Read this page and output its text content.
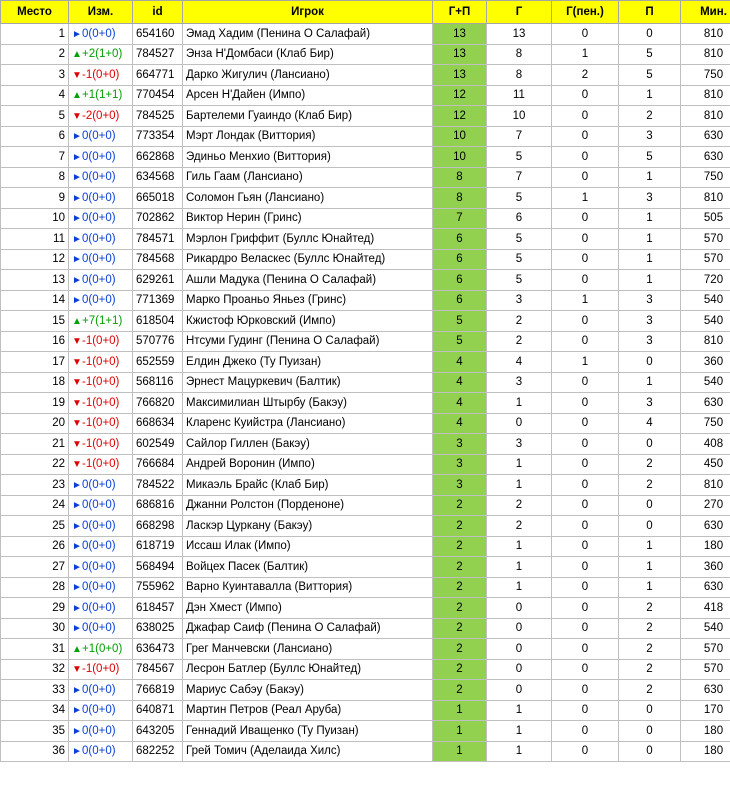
Место	Изм.	id	Игрок	Г+П	Г	Г(пен.)	П	Мин.
1	►0(0+0)	654160	Эмад Хадим (Пенина О Салафай)	13	13	0	0	810
2	▲+2(1+0)	784527	Энза Н'Домбаси (Клаб Бир)	13	8	1	5	810
3	▼-1(0+0)	664771	Дарко Жигулич (Лансиано)	13	8	2	5	750
4	▲+1(1+1)	770454	Арсен Н'Дайен (Импо)	12	11	0	1	810
5	▼-2(0+0)	784525	Бартелеми Гуаиндо (Клаб Бир)	12	10	0	2	810
6	►0(0+0)	773354	Мэрт Лондак (Виттория)	10	7	0	3	630
7	►0(0+0)	662868	Эдиньо Менхио (Виттория)	10	5	0	5	630
8	►0(0+0)	634568	Гиль Гаам (Лансиано)	8	7	0	1	750
9	►0(0+0)	665018	Соломон Гьян (Лансиано)	8	5	1	3	810
10	►0(0+0)	702862	Виктор Нерин (Гринс)	7	6	0	1	505
11	►0(0+0)	784571	Мэрлон Гриффит (Буллс Юнайтед)	6	5	0	1	570
12	►0(0+0)	784568	Рикардро Веласкес (Буллс Юнайтед)	6	5	0	1	570
13	►0(0+0)	629261	Ашли Мадука (Пенина О Салафай)	6	5	0	1	720
14	►0(0+0)	771369	Марко Проаньо Яньез (Гринс)	6	3	1	3	540
15	▲+7(1+1)	618504	Кжистоф Юрковский (Импо)	5	2	0	3	540
16	▼-1(0+0)	570776	Нтсуми Гудинг (Пенина О Салафай)	5	2	0	3	810
17	▼-1(0+0)	652559	Елдин Джеко (Ту Пуизан)	4	4	1	0	360
18	▼-1(0+0)	568116	Эрнест Мацуркевич (Балтик)	4	3	0	1	540
19	▼-1(0+0)	766820	Максимилиан Штырбу (Бакэу)	4	1	0	3	630
20	▼-1(0+0)	668634	Кларенс Куийстра (Лансиано)	4	0	0	4	750
21	▼-1(0+0)	602549	Сайлор Гиллен (Бакэу)	3	3	0	0	408
22	▼-1(0+0)	766684	Андрей Воронин (Импо)	3	1	0	2	450
23	►0(0+0)	784522	Микаэль Брайс (Клаб Бир)	3	1	0	2	810
24	►0(0+0)	686816	Джанни Ролстон (Порденоне)	2	2	0	0	270
25	►0(0+0)	668298	Ласкэр Цуркану (Бакэу)	2	2	0	0	630
26	►0(0+0)	618719	Иссаш Илак (Импо)	2	1	0	1	180
27	►0(0+0)	568494	Войцех Пасек (Балтик)	2	1	0	1	360
28	►0(0+0)	755962	Варно Куинтавалла (Виттория)	2	1	0	1	630
29	►0(0+0)	618457	Дэн Хмест (Импо)	2	0	0	2	418
30	►0(0+0)	638025	Джафар Саиф (Пенина О Салафай)	2	0	0	2	540
31	▲+1(0+0)	636473	Грег Манчевски (Лансиано)	2	0	0	2	570
32	▼-1(0+0)	784567	Лесрон Батлер (Буллс Юнайтед)	2	0	0	2	570
33	►0(0+0)	766819	Мариус Сабэу (Бакэу)	2	0	0	2	630
34	►0(0+0)	640871	Мартин Петров (Реал Аруба)	1	1	0	0	170
35	►0(0+0)	643205	Геннадий Иващенко (Ту Пуизан)	1	1	0	0	180
36	►0(0+0)	682252	Грей Томич (Аделаида Хилс)	1	1	0	0	180
